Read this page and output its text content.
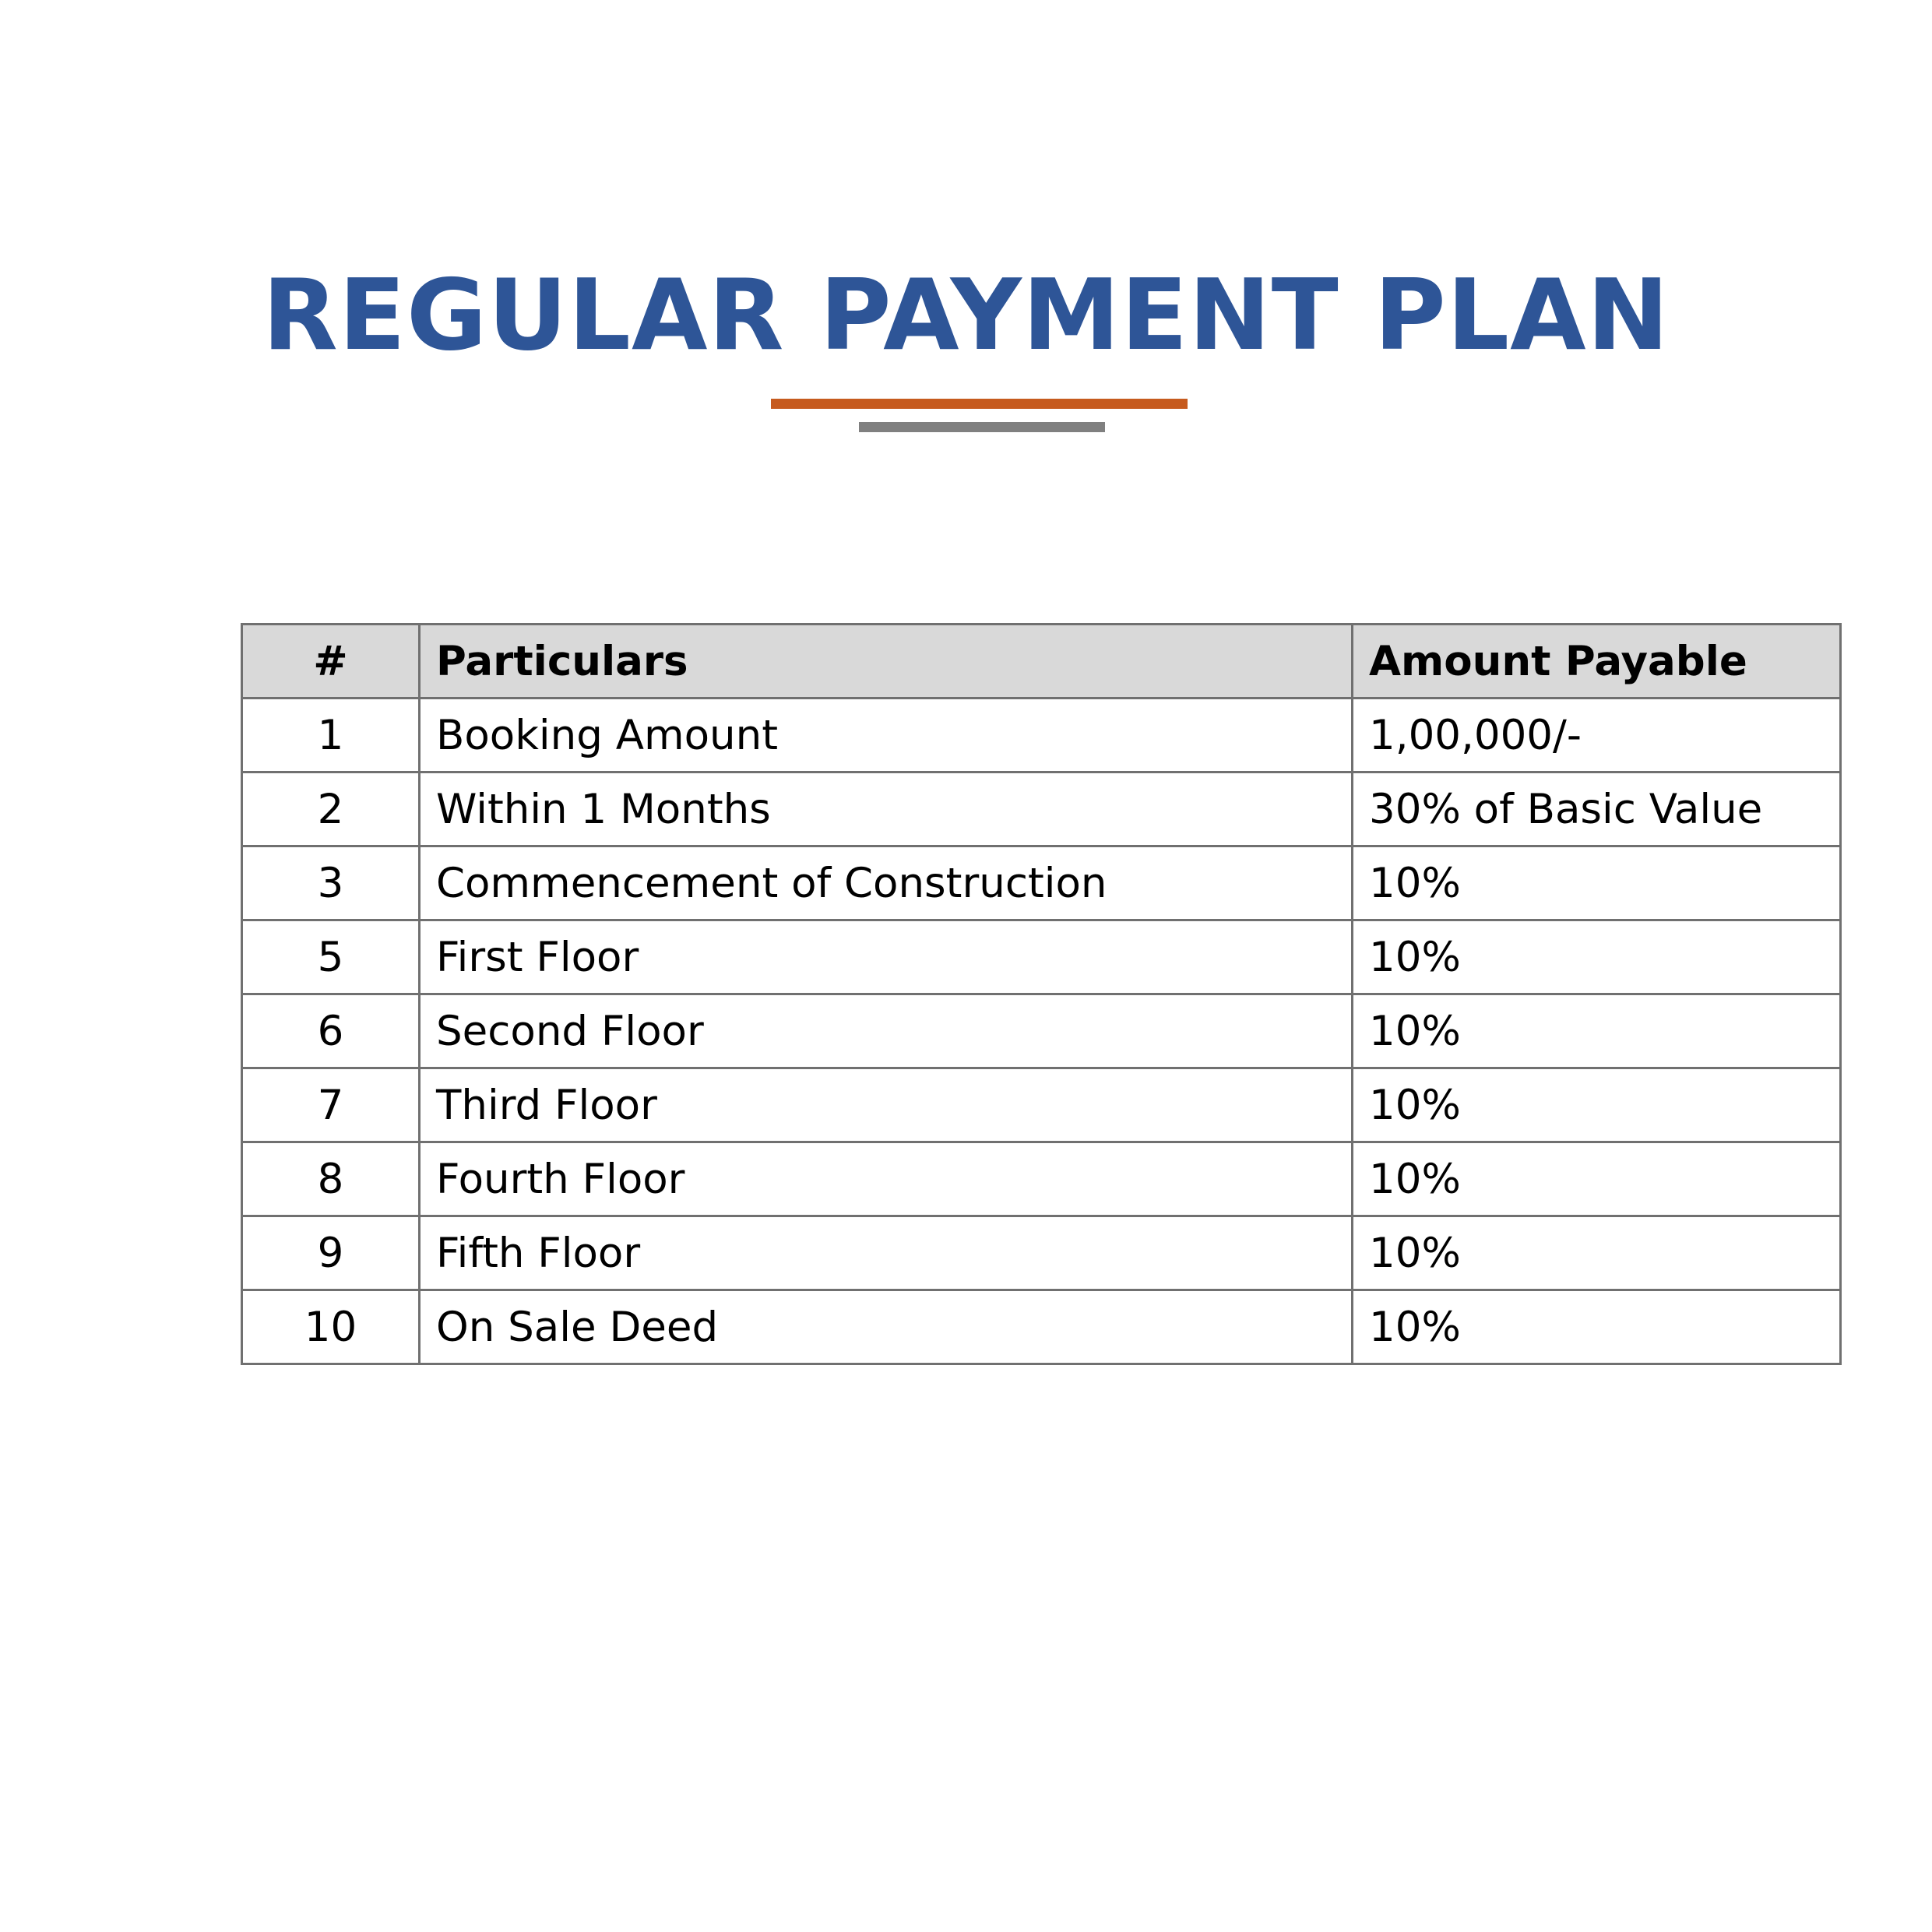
REGULAR PAYMENT PLAN
#	Particulars	Amount Payable
1	Booking Amount	1,00,000/-
2	Within 1 Months	30% of Basic Value
3	Commencement of Construction	10%
5	First Floor	10%
6	Second Floor	10%
7	Third Floor	10%
8	Fourth Floor	10%
9	Fifth Floor	10%
10	On Sale Deed	10%
